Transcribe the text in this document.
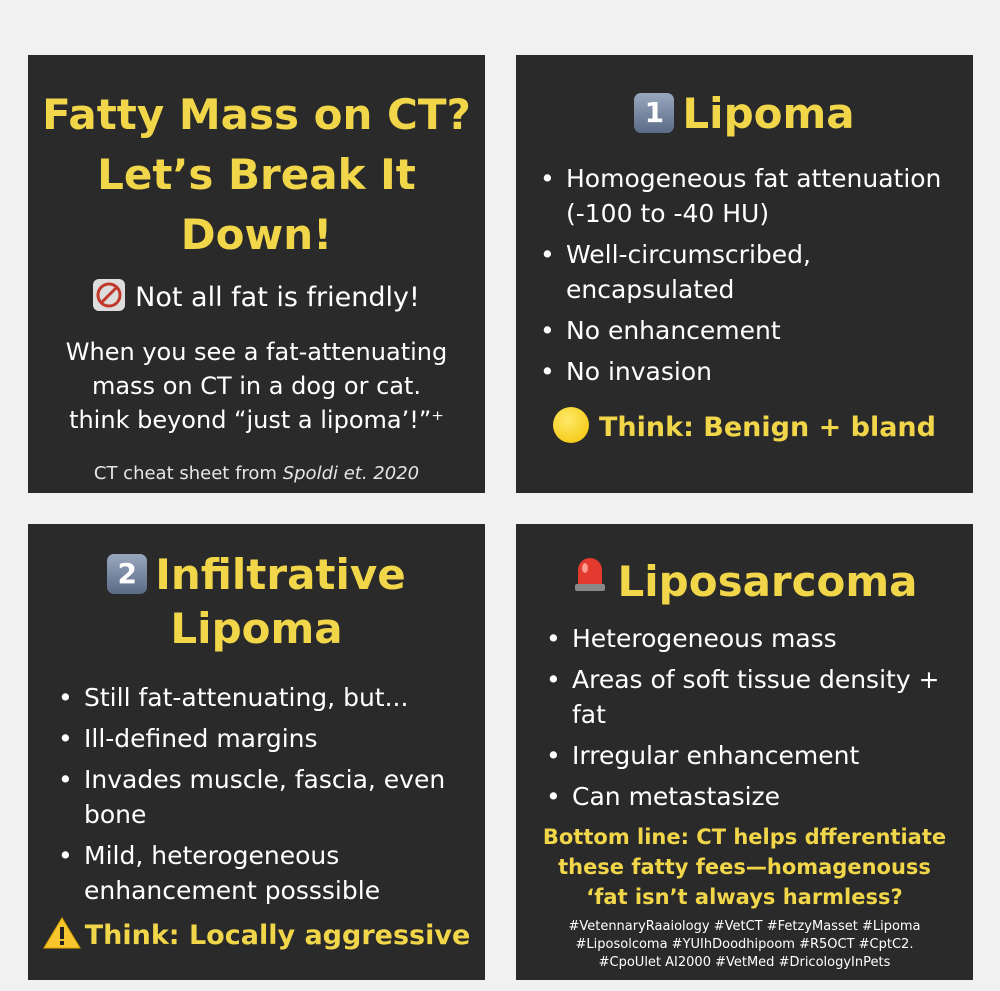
Fatty Mass on CT?
Let’s Break It
Down!
Not all fat is friendly!
When you see a fat-attenuating
mass on CT in a dog or cat.
think beyond “just a lipoma’!”⁺
CT cheat sheet from Spoldi et. 2020
1 Lipoma
• Homogeneous fat attenuation (-100 to -40 HU)
• Well-circumscribed, encapsulated
• No enhancement
• No invasion
Think: Benign + bland
2 Infiltrative
Lipoma
• Still fat-attenuating, but...
• Ill-defined margins
• Invades muscle, fascia, even bone
• Mild, heterogeneous enhancement posssible
Think: Locally aggressive
Liposarcoma
• Heterogeneous mass
• Areas of soft tissue density + fat
• Irregular enhancement
• Can metastasize
Bottom line: CT helps dfferentiate
these fatty fees—homagenouss
‘fat isn’t always harmless?
#VetennaryRaaiology #VetCT #FetzyMasset #Lipoma
#Liposolcoma #YUIhDoodhipoom #R5OCT #CptC2.
#CpoUlet AI2000 #VetMed #DricologyInPets
